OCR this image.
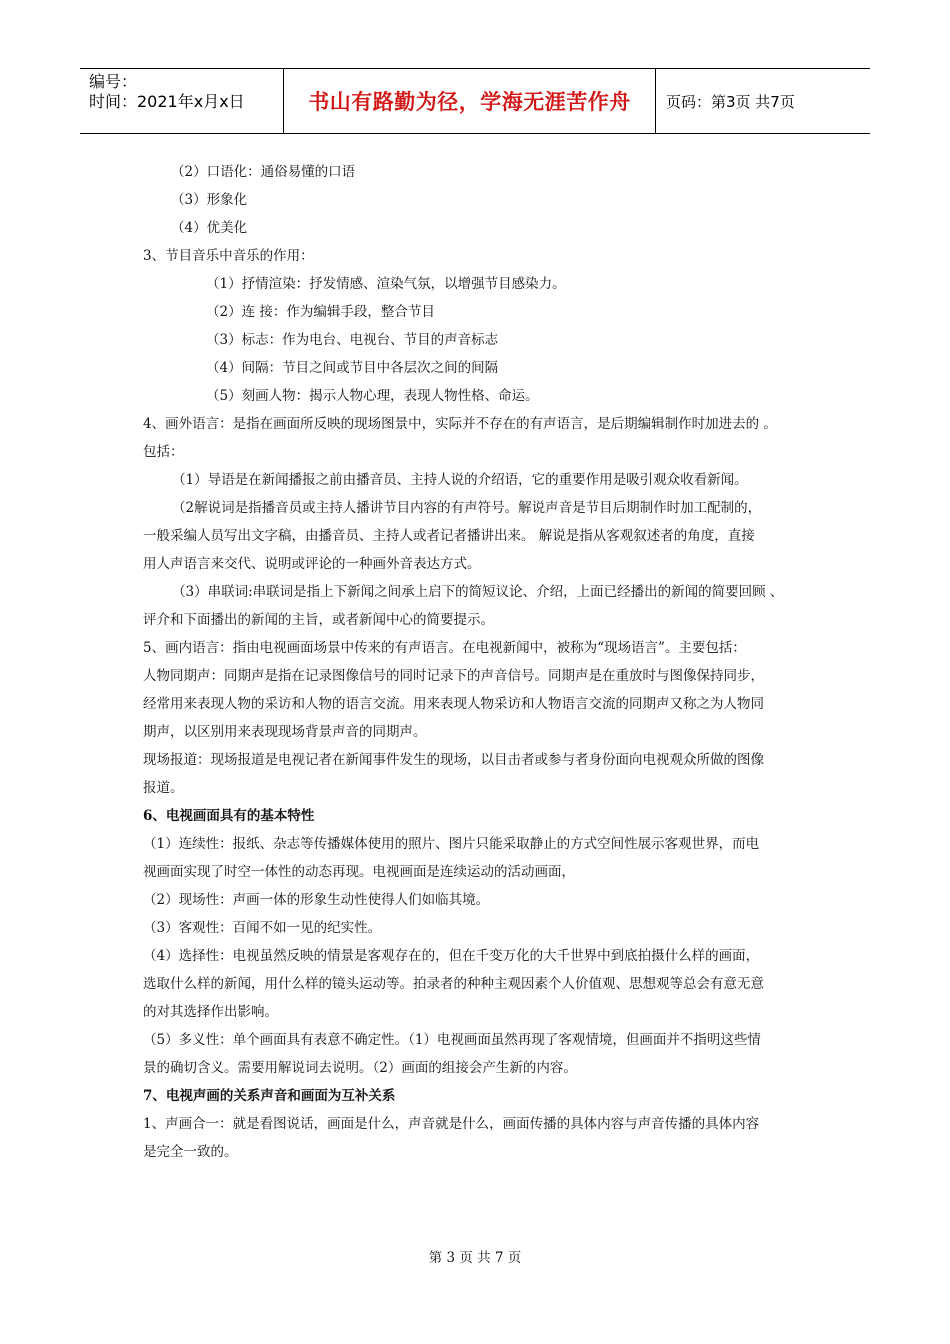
编号：
时间：2021年x月x日	书山有路勤为径，学海无涯苦作舟	页码：第3页 共7页
（2）口语化：通俗易懂的口语
（3）形象化
（4）优美化
3、节目音乐中音乐的作用：
（1）抒情渲染：抒发情感、渲染气氛，以增强节目感染力。
（2）连 接：作为编辑手段，整合节目
（3）标志：作为电台、电视台、节目的声音标志
（4）间隔：节目之间或节目中各层次之间的间隔
（5）刻画人物：揭示人物心理，表现人物性格、命运。
4、画外语言：是指在画面所反映的现场图景中，实际并不存在的有声语言，是后期编辑制作时加进去的 。
包括：
（1）导语是在新闻播报之前由播音员、主持人说的介绍语，它的重要作用是吸引观众收看新闻。
（2解说词是指播音员或主持人播讲节目内容的有声符号。解说声音是节目后期制作时加工配制的，
一般采编人员写出文字稿，由播音员、主持人或者记者播讲出来。 解说是指从客观叙述者的角度，直接
用人声语言来交代、说明或评论的一种画外音表达方式。
（3）串联词:串联词是指上下新闻之间承上启下的简短议论、介绍，上面已经播出的新闻的简要回顾 、
评介和下面播出的新闻的主旨，或者新闻中心的简要提示。
5、画内语言：指由电视画面场景中传来的有声语言。在电视新闻中，被称为“现场语言”。主要包括：
人物同期声：同期声是指在记录图像信号的同时记录下的声音信号。同期声是在重放时与图像保持同步，
经常用来表现人物的采访和人物的语言交流。用来表现人物采访和人物语言交流的同期声又称之为人物同
期声，以区别用来表现现场背景声音的同期声。
现场报道：现场报道是电视记者在新闻事件发生的现场，以目击者或参与者身份面向电视观众所做的图像
报道。
6、电视画面具有的基本特性
（1）连续性：报纸、杂志等传播媒体使用的照片、图片只能采取静止的方式空间性展示客观世界，而电
视画面实现了时空一体性的动态再现。电视画面是连续运动的活动画面，
（2）现场性：声画一体的形象生动性使得人们如临其境。
（3）客观性：百闻不如一见的纪实性。
（4）选择性：电视虽然反映的情景是客观存在的，但在千变万化的大千世界中到底拍摄什么样的画面，
选取什么样的新闻，用什么样的镜头运动等。拍录者的种种主观因素个人价值观、思想观等总会有意无意
的对其选择作出影响。
（5）多义性：单个画面具有表意不确定性。（1）电视画面虽然再现了客观情境，但画面并不指明这些情
景的确切含义。需要用解说词去说明。（2）画面的组接会产生新的内容。
7、电视声画的关系声音和画面为互补关系
1、声画合一：就是看图说话，画面是什么，声音就是什么，画面传播的具体内容与声音传播的具体内容
是完全一致的。
第 3 页 共 7 页
